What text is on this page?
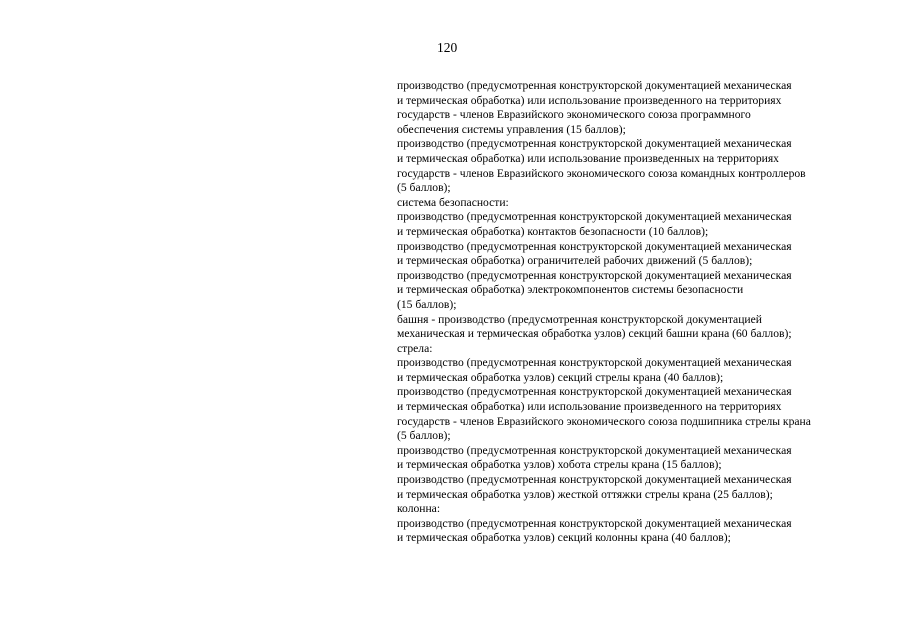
120
производство (предусмотренная конструкторской документацией механическая
и термическая обработка) или использование произведенного на территориях
государств - членов Евразийского экономического союза программного
обеспечения системы управления (15 баллов);
производство (предусмотренная конструкторской документацией механическая
и термическая обработка) или использование произведенных на территориях
государств - членов Евразийского экономического союза командных контроллеров
(5 баллов);
система безопасности:
производство (предусмотренная конструкторской документацией механическая
и термическая обработка) контактов безопасности (10 баллов);
производство (предусмотренная конструкторской документацией механическая
и термическая обработка) ограничителей рабочих движений (5 баллов);
производство (предусмотренная конструкторской документацией механическая
и термическая обработка) электрокомпонентов системы безопасности
(15 баллов);
башня - производство (предусмотренная конструкторской документацией
механическая и термическая обработка узлов) секций башни крана (60 баллов);
стрела:
производство (предусмотренная конструкторской документацией механическая
и термическая обработка узлов) секций стрелы крана (40 баллов);
производство (предусмотренная конструкторской документацией механическая
и термическая обработка) или использование произведенного на территориях
государств - членов Евразийского экономического союза подшипника стрелы крана
(5 баллов);
производство (предусмотренная конструкторской документацией механическая
и термическая обработка узлов) хобота стрелы крана (15 баллов);
производство (предусмотренная конструкторской документацией механическая
и термическая обработка узлов) жесткой оттяжки стрелы крана (25 баллов);
колонна:
производство (предусмотренная конструкторской документацией механическая
и термическая обработка узлов) секций колонны крана (40 баллов);
